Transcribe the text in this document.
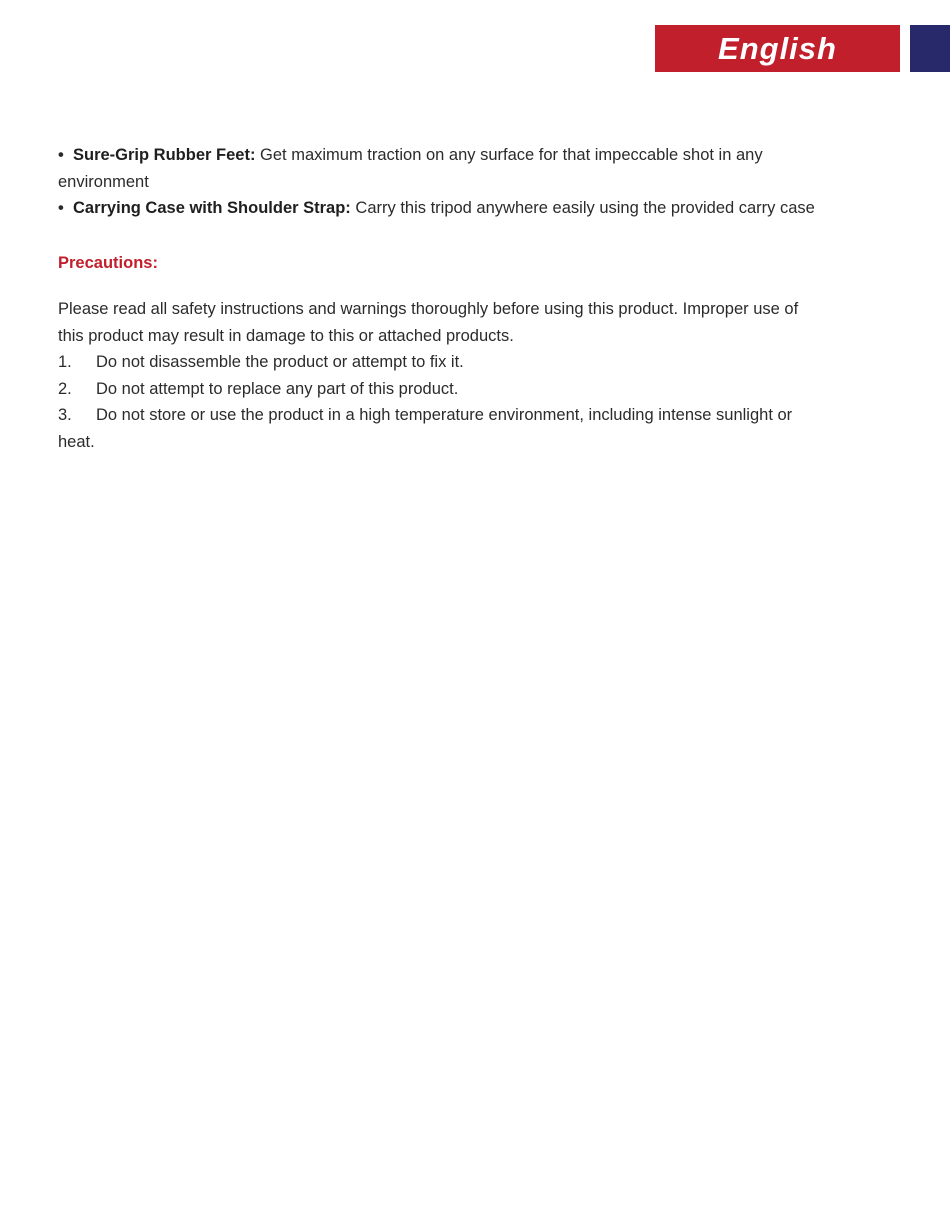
English

• Sure-Grip Rubber Feet: Get maximum traction on any surface for that impeccable shot in any environment

• Carrying Case with Shoulder Strap: Carry this tripod anywhere easily using the provided carry case

Precautions:

Please read all safety instructions and warnings thoroughly before using this product. Improper use of this product may result in damage to this or attached products.

1. Do not disassemble the product or attempt to fix it.

2. Do not attempt to replace any part of this product.

3. Do not store or use the product in a high temperature environment, including intense sunlight or heat.
